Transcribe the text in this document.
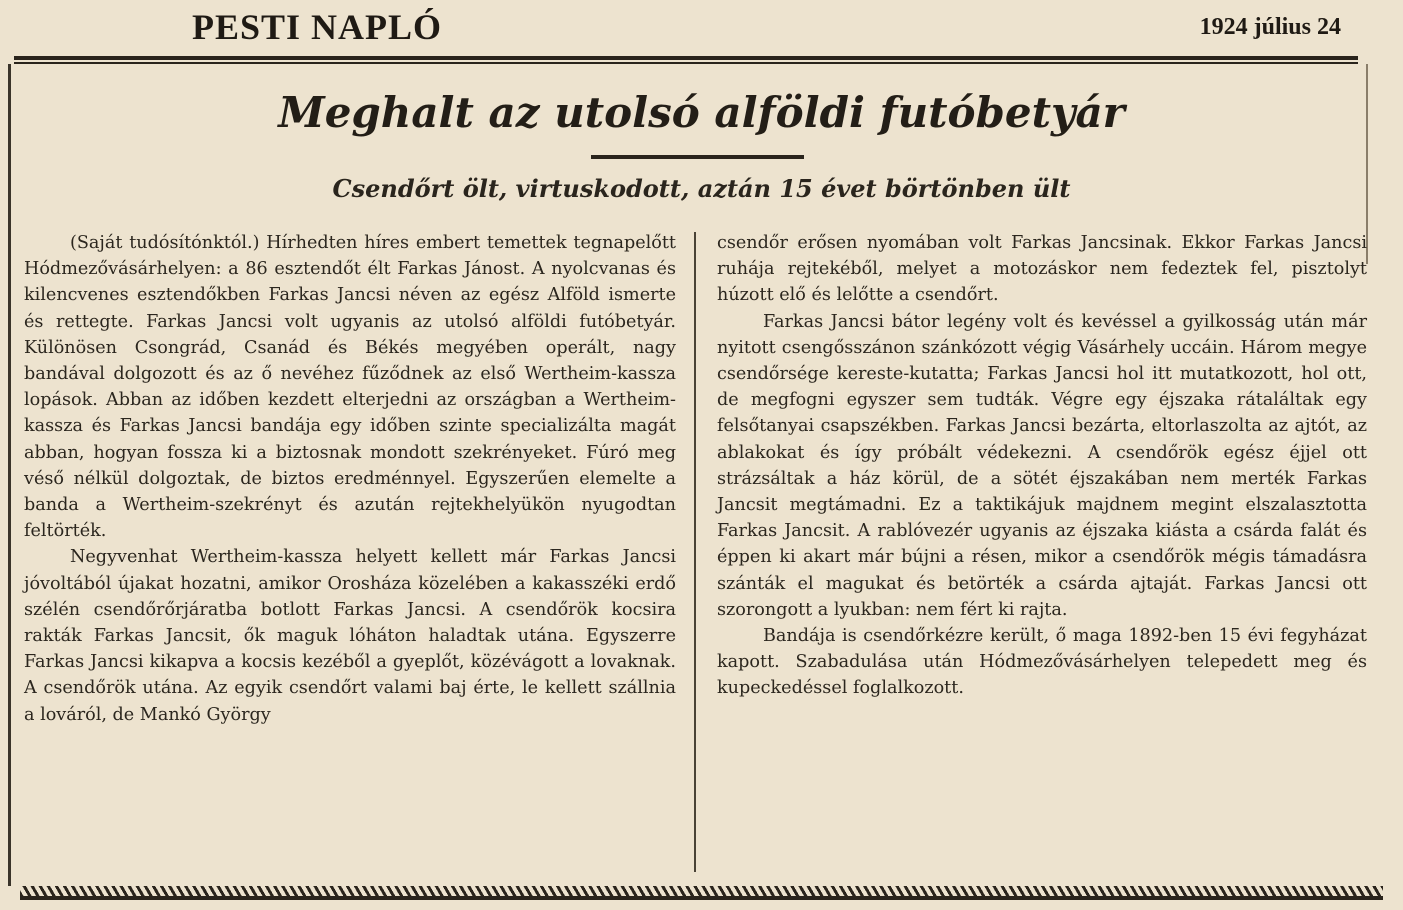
PESTI NAPLÓ	1924 július 24
Meghalt az utolsó alföldi futóbetyár
Csendőrt ölt, virtuskodott, aztán 15 évet börtönben ült

(Saját tudósítónktól.) Hírhedten híres embert temettek tegnapelőtt Hódmezővásárhelyen: a 86 esztendőt élt Farkas Jánost. A nyolcvanas és kilencvenes esztendőkben Farkas Jancsi néven az egész Alföld ismerte és rettegte. Farkas Jancsi volt ugyanis az utolsó alföldi futóbetyár. Különösen Csongrád, Csanád és Békés megyében operált, nagy bandával dolgozott és az ő nevéhez fűződnek az első Wertheim-kassza lopások. Abban az időben kezdett elterjedni az országban a Wertheim-kassza és Farkas Jancsi bandája egy időben szinte specializálta magát abban, hogyan fossza ki a biztosnak mondott szekrényeket. Fúró meg véső nélkül dolgoztak, de biztos eredménnyel. Egyszerűen elemelte a banda a Wertheim-szekrényt és azután rejtekhelyükön nyugodtan feltörték.

Negyvenhat Wertheim-kassza helyett kellett már Farkas Jancsi jóvoltából újakat hozatni, amikor Orosháza közelében a kakasszéki erdő szélén csendőrőrjáratba botlott Farkas Jancsi. A csendőrök kocsira rakták Farkas Jancsit, ők maguk lóháton haladtak utána. Egyszerre Farkas Jancsi kikapva a kocsis kezéből a gyeplőt, közévágott a lovaknak. A csendőrök utána. Az egyik csendőrt valami baj érte, le kellett szállnia a lováról, de Mankó György

csendőr erősen nyomában volt Farkas Jancsinak. Ekkor Farkas Jancsi ruhája rejtekéből, melyet a motozáskor nem fedeztek fel, pisztolyt húzott elő és lelőtte a csendőrt.

Farkas Jancsi bátor legény volt és kevéssel a gyilkosság után már nyitott csengősszánon szánkózott végig Vásárhely uccáin. Három megye csendőrsége kereste-kutatta; Farkas Jancsi hol itt mutatkozott, hol ott, de megfogni egyszer sem tudták. Végre egy éjszaka rátaláltak egy felsőtanyai csapszékben. Farkas Jancsi bezárta, eltorlaszolta az ajtót, az ablakokat és így próbált védekezni. A csendőrök egész éjjel ott strázsáltak a ház körül, de a sötét éjszakában nem merték Farkas Jancsit megtámadni. Ez a taktikájuk majdnem megint elszalasztotta Farkas Jancsit. A rablóvezér ugyanis az éjszaka kiásta a csárda falát és éppen ki akart már bújni a résen, mikor a csendőrök mégis támadásra szánták el magukat és betörték a csárda ajtaját. Farkas Jancsi ott szorongott a lyukban: nem fért ki rajta.

Bandája is csendőrkézre került, ő maga 1892-ben 15 évi fegyházat kapott. Szabadulása után Hódmezővásárhelyen telepedett meg és kupeckedéssel foglalkozott.
